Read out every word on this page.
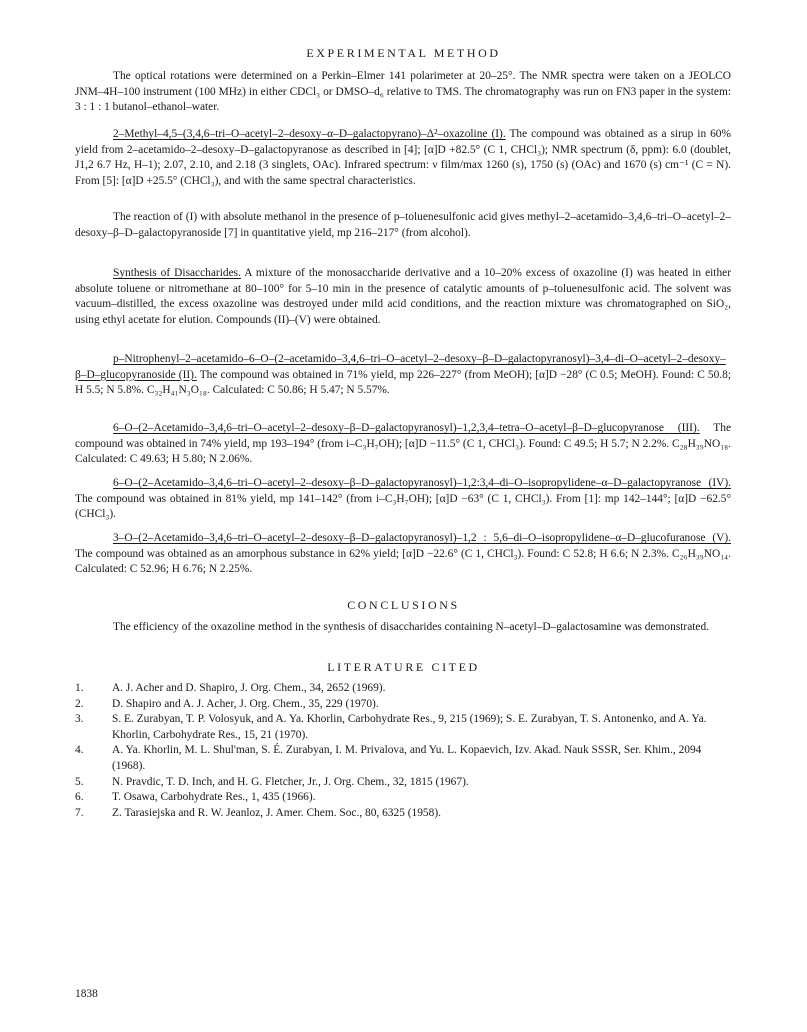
EXPERIMENTAL METHOD

The optical rotations were determined on a Perkin–Elmer 141 polarimeter at 20–25°. The NMR spectra were taken on a JEOLCO JNM–4H–100 instrument (100 MHz) in either CDCl₃ or DMSO–d₆ relative to TMS. The chromatography was run on FN3 paper in the system: 3 : 1 : 1 butanol–ethanol–water.

2–Methyl–4,5–(3,4,6–tri–O–acetyl–2–desoxy–α–D–galactopyrano)–Δ²–oxazoline (I). The compound was obtained as a sirup in 60% yield from 2–acetamido–2–desoxy–D–galactopyranose as described in [4]; [α]D +82.5° (C 1, CHCl₃); NMR spectrum (δ, ppm): 6.0 (doublet, J1,2 6.7 Hz, H–1); 2.07, 2.10, and 2.18 (3 singlets, OAc). Infrared spectrum: ν film/max 1260 (s), 1750 (s) (OAc) and 1670 (s) cm⁻¹ (C = N). From [5]: [α]D +25.5° (CHCl₃), and with the same spectral characteristics.

The reaction of (I) with absolute methanol in the presence of p–toluenesulfonic acid gives methyl–2–acetamido–3,4,6–tri–O–acetyl–2–desoxy–β–D–galactopyranoside [7] in quantitative yield, mp 216–217° (from alcohol).

Synthesis of Disaccharides. A mixture of the monosaccharide derivative and a 10–20% excess of oxazoline (I) was heated in either absolute toluene or nitromethane at 80–100° for 5–10 min in the presence of catalytic amounts of p–toluenesulfonic acid. The solvent was vacuum–distilled, the excess oxazoline was destroyed under mild acid conditions, and the reaction mixture was chromatographed on SiO₂, using ethyl acetate for elution. Compounds (II)–(V) were obtained.

p–Nitrophenyl–2–acetamido–6–O–(2–acetamido–3,4,6–tri–O–acetyl–2–desoxy–β–D–galactopyranosyl)–3,4–di–O–acetyl–2–desoxy–β–D–glucopyranoside (II). The compound was obtained in 71% yield, mp 226–227° (from MeOH); [α]D −28° (C 0.5; MeOH). Found: C 50.8; H 5.5; N 5.8%. C₃₂H₄₁N₃O₁₈. Calculated: C 50.86; H 5.47; N 5.57%.

6–O–(2–Acetamido–3,4,6–tri–O–acetyl–2–desoxy–β–D–galactopyranosyl)–1,2,3,4–tetra–O–acetyl–β–D–glucopyranose (III). The compound was obtained in 74% yield, mp 193–194° (from i–C₃H₇OH); [α]D −11.5° (C 1, CHCl₃). Found: C 49.5; H 5.7; N 2.2%. C₂₈H₃₉NO₁₈. Calculated: C 49.63; H 5.80; N 2.06%.

6–O–(2–Acetamido–3,4,6–tri–O–acetyl–2–desoxy–β–D–galactopyranosyl)–1,2:3,4–di–O–isopropylidene–α–D–galactopyranose (IV). The compound was obtained in 81% yield, mp 141–142° (from i–C₃H₇OH); [α]D −63° (C 1, CHCl₃). From [1]: mp 142–144°; [α]D −62.5° (CHCl₃).

3–O–(2–Acetamido–3,4,6–tri–O–acetyl–2–desoxy–β–D–galactopyranosyl)–1,2 : 5,6–di–O–isopropylidene–α–D–glucofuranose (V). The compound was obtained as an amorphous substance in 62% yield; [α]D −22.6° (C 1, CHCl₃). Found: C 52.8; H 6.6; N 2.3%. C₂₆H₃₉NO₁₄. Calculated: C 52.96; H 6.76; N 2.25%.

CONCLUSIONS

The efficiency of the oxazoline method in the synthesis of disaccharides containing N–acetyl–D–galactosamine was demonstrated.

LITERATURE CITED
1.	A. J. Acher and D. Shapiro, J. Org. Chem., 34, 2652 (1969).
2.	D. Shapiro and A. J. Acher, J. Org. Chem., 35, 229 (1970).
3.	S. E. Zurabyan, T. P. Volosyuk, and A. Ya. Khorlin, Carbohydrate Res., 9, 215 (1969); S. E. Zurabyan, T. S. Antonenko, and A. Ya. Khorlin, Carbohydrate Res., 15, 21 (1970).
4.	A. Ya. Khorlin, M. L. Shul'man, S. É. Zurabyan, I. M. Privalova, and Yu. L. Kopaevich, Izv. Akad. Nauk SSSR, Ser. Khim., 2094 (1968).
5.	N. Pravdic, T. D. Inch, and H. G. Fletcher, Jr., J. Org. Chem., 32, 1815 (1967).
6.	T. Osawa, Carbohydrate Res., 1, 435 (1966).
7.	Z. Tarasiejska and R. W. Jeanloz, J. Amer. Chem. Soc., 80, 6325 (1958).
1838
